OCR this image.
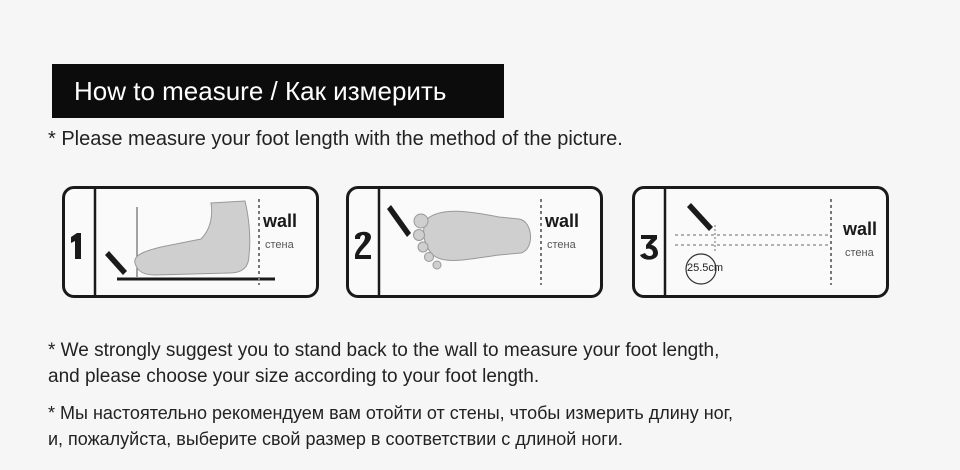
How to measure / Как измерить
* Please measure your foot length with the method of the picture.
wall
стена
wall
стена
25.5cm
wall
стена
* We strongly suggest you to stand back to the wall to measure your foot length,
and please choose your size according to your foot length.
* Мы настоятельно рекомендуем вам отойти от стены, чтобы измерить длину ног,
и, пожалуйста, выберите свой размер в соответствии с длиной ноги.
